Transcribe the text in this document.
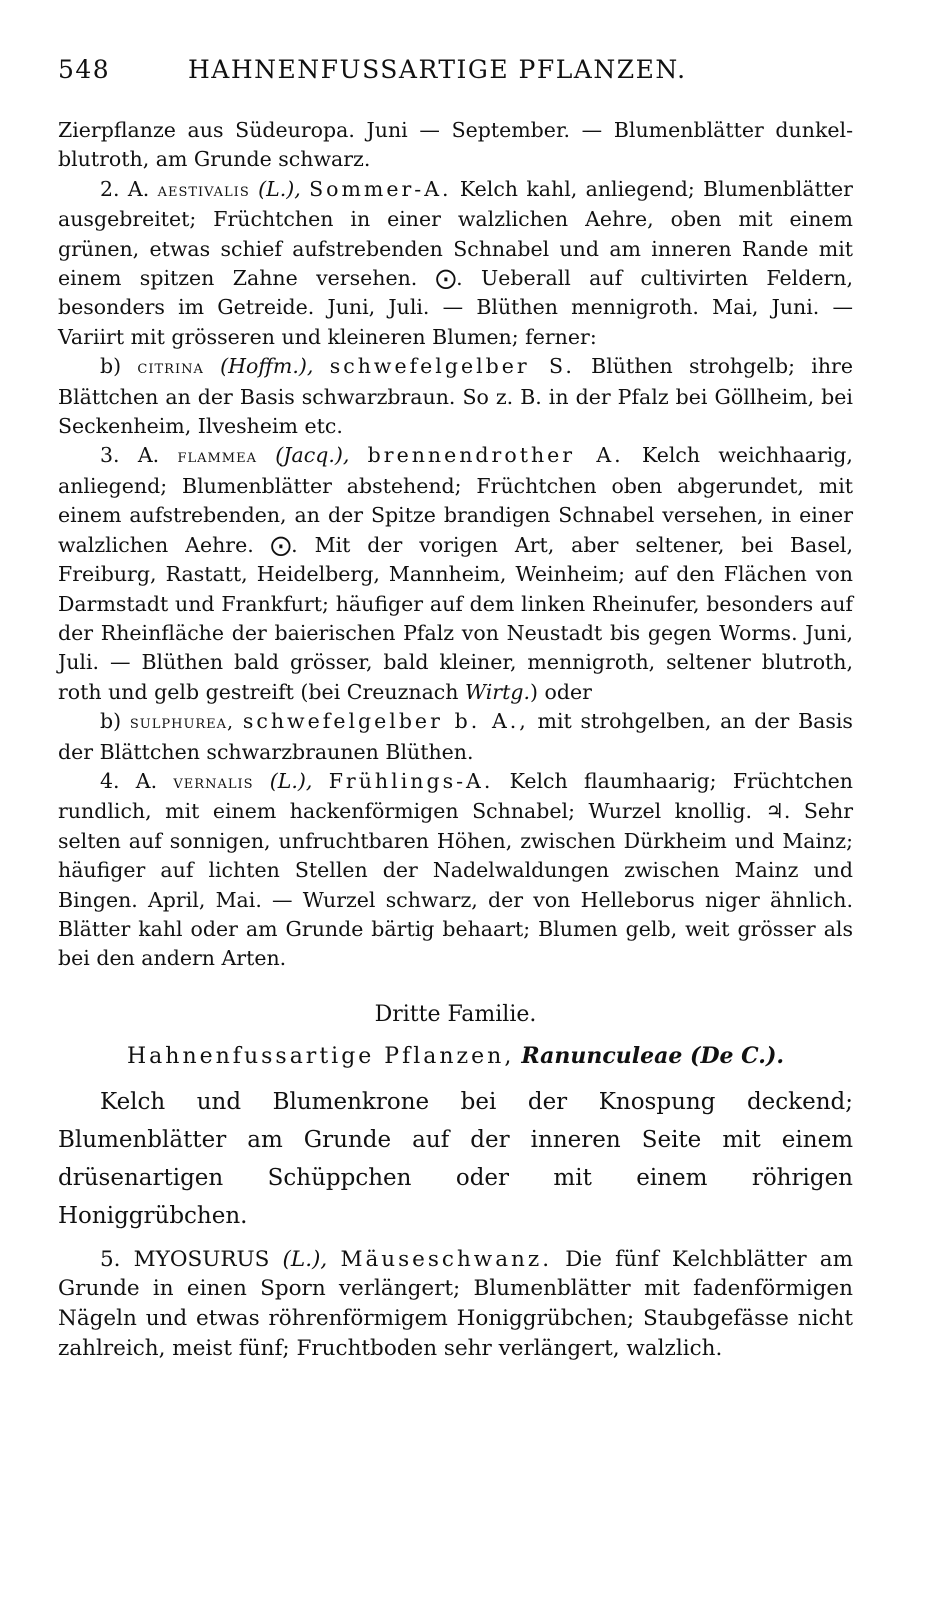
548	HAHNENFUSSARTIGE PFLANZEN.

Zierpflanze aus Südeuropa. Juni — September. — Blumenblätter dunkel-blutroth, am Grunde schwarz.

2. A. aestivalis (L.), Sommer-A. Kelch kahl, anliegend; Blumenblätter ausgebreitet; Früchtchen in einer walzlichen Aehre, oben mit einem grünen, etwas schief aufstrebenden Schnabel und am inneren Rande mit einem spitzen Zahne versehen. ⨀. Ueberall auf cultivirten Feldern, besonders im Getreide. Juni, Juli. — Blüthen mennigroth. Mai, Juni. — Variirt mit grösseren und kleineren Blumen; ferner:

b) citrina (Hoffm.), schwefelgelber S. Blüthen strohgelb; ihre Blättchen an der Basis schwarzbraun. So z. B. in der Pfalz bei Göllheim, bei Seckenheim, Ilvesheim etc.

3. A. flammea (Jacq.), brennendrother A. Kelch weichhaarig, anliegend; Blumenblätter abstehend; Früchtchen oben abgerundet, mit einem aufstrebenden, an der Spitze brandigen Schnabel versehen, in einer walzlichen Aehre. ⨀. Mit der vorigen Art, aber seltener, bei Basel, Freiburg, Rastatt, Heidelberg, Mannheim, Weinheim; auf den Flächen von Darmstadt und Frankfurt; häufiger auf dem linken Rheinufer, besonders auf der Rheinfläche der baierischen Pfalz von Neustadt bis gegen Worms. Juni, Juli. — Blüthen bald grösser, bald kleiner, mennigroth, seltener blutroth, roth und gelb gestreift (bei Creuznach Wirtg.) oder

b) sulphurea, schwefelgelber b. A., mit strohgelben, an der Basis der Blättchen schwarzbraunen Blüthen.

4. A. vernalis (L.), Frühlings-A. Kelch flaumhaarig; Früchtchen rundlich, mit einem hackenförmigen Schnabel; Wurzel knollig. ♃. Sehr selten auf sonnigen, unfruchtbaren Höhen, zwischen Dürkheim und Mainz; häufiger auf lichten Stellen der Nadelwaldungen zwischen Mainz und Bingen. April, Mai. — Wurzel schwarz, der von Helleborus niger ähnlich. Blätter kahl oder am Grunde bärtig behaart; Blumen gelb, weit grösser als bei den andern Arten.

Dritte Familie.
Hahnenfussartige Pflanzen, Ranunculeae (De C.).

Kelch und Blumenkrone bei der Knospung deckend; Blumenblätter am Grunde auf der inneren Seite mit einem drüsenartigen Schüppchen oder mit einem röhrigen Honiggrübchen.

5. MYOSURUS (L.), Mäuseschwanz. Die fünf Kelchblätter am Grunde in einen Sporn verlängert; Blumenblätter mit fadenförmigen Nägeln und etwas röhrenförmigem Honiggrübchen; Staubgefässe nicht zahlreich, meist fünf; Fruchtboden sehr verlängert, walzlich.
